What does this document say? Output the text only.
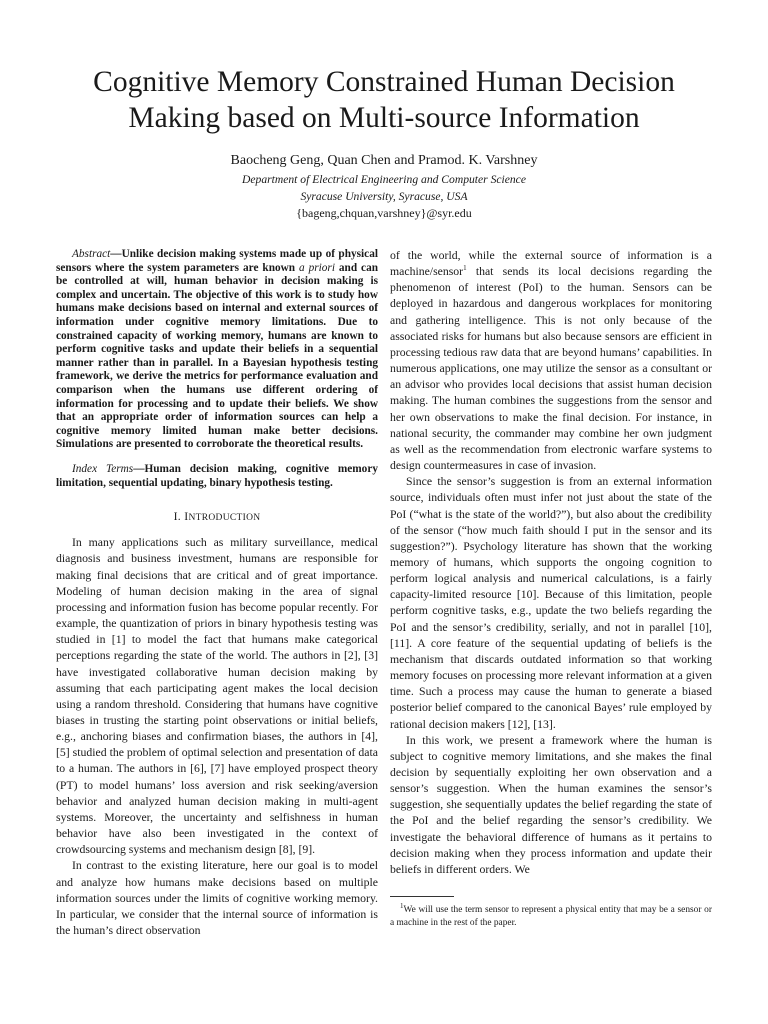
Cognitive Memory Constrained Human Decision
Making based on Multi-source Information
Baocheng Geng, Quan Chen and Pramod. K. Varshney
Department of Electrical Engineering and Computer Science
Syracuse University, Syracuse, USA
{bageng,chquan,varshney}@syr.edu

Abstract—Unlike decision making systems made up of physical sensors where the system parameters are known a priori and can be controlled at will, human behavior in decision making is complex and uncertain. The objective of this work is to study how humans make decisions based on internal and external sources of information under cognitive memory limitations. Due to constrained capacity of working memory, humans are known to perform cognitive tasks and update their beliefs in a sequential manner rather than in parallel. In a Bayesian hypothesis testing framework, we derive the metrics for performance evaluation and comparison when the humans use different ordering of information for processing and to update their beliefs. We show that an appropriate order of information sources can help a cognitive memory limited human make better decisions. Simulations are presented to corroborate the theoretical results.

Index Terms—Human decision making, cognitive memory limitation, sequential updating, binary hypothesis testing.

I. INTRODUCTION

In many applications such as military surveillance, medical diagnosis and business investment, humans are responsible for making final decisions that are critical and of great importance. Modeling of human decision making in the area of signal processing and information fusion has become popular recently. For example, the quantization of priors in binary hypothesis testing was studied in [1] to model the fact that humans make categorical perceptions regarding the state of the world. The authors in [2], [3] have investigated collaborative human decision making by assuming that each participating agent makes the local decision using a random threshold. Considering that humans have cognitive biases in trusting the starting point observations or initial beliefs, e.g., anchoring biases and confirmation biases, the authors in [4], [5] studied the problem of optimal selection and presentation of data to a human. The authors in [6], [7] have employed prospect theory (PT) to model humans’ loss aversion and risk seeking/aversion behavior and analyzed human decision making in multi-agent systems. Moreover, the uncertainty and selfishness in human behavior have also been investigated in the context of crowdsourcing systems and mechanism design [8], [9].

In contrast to the existing literature, here our goal is to model and analyze how humans make decisions based on multiple information sources under the limits of cognitive working memory. In particular, we consider that the internal source of information is the human’s direct observation

of the world, while the external source of information is a machine/sensor$^1$ that sends its local decisions regarding the phenomenon of interest (PoI) to the human. Sensors can be deployed in hazardous and dangerous workplaces for monitoring and gathering intelligence. This is not only because of the associated risks for humans but also because sensors are efficient in processing tedious raw data that are beyond humans’ capabilities. In numerous applications, one may utilize the sensor as a consultant or an advisor who provides local decisions that assist human decision making. The human combines the suggestions from the sensor and her own observations to make the final decision. For instance, in national security, the commander may combine her own judgment as well as the recommendation from electronic warfare systems to design countermeasures in case of invasion.

Since the sensor’s suggestion is from an external information source, individuals often must infer not just about the state of the PoI (“what is the state of the world?”), but also about the credibility of the sensor (“how much faith should I put in the sensor and its suggestion?”). Psychology literature has shown that the working memory of humans, which supports the ongoing cognition to perform logical analysis and numerical calculations, is a fairly capacity-limited resource [10]. Because of this limitation, people perform cognitive tasks, e.g., update the two beliefs regarding the PoI and the sensor’s credibility, serially, and not in parallel [10], [11]. A core feature of the sequential updating of beliefs is the mechanism that discards outdated information so that working memory focuses on processing more relevant information at a given time. Such a process may cause the human to generate a biased posterior belief compared to the canonical Bayes’ rule employed by rational decision makers [12], [13].

In this work, we present a framework where the human is subject to cognitive memory limitations, and she makes the final decision by sequentially exploiting her own observation and a sensor’s suggestion. When the human examines the sensor’s suggestion, she sequentially updates the belief regarding the state of the PoI and the belief regarding the sensor’s credibility. We investigate the behavioral difference of humans as it pertains to decision making when they process information and update their beliefs in different orders. We

$^1$We will use the term sensor to represent a physical entity that may be a sensor or a machine in the rest of the paper.
